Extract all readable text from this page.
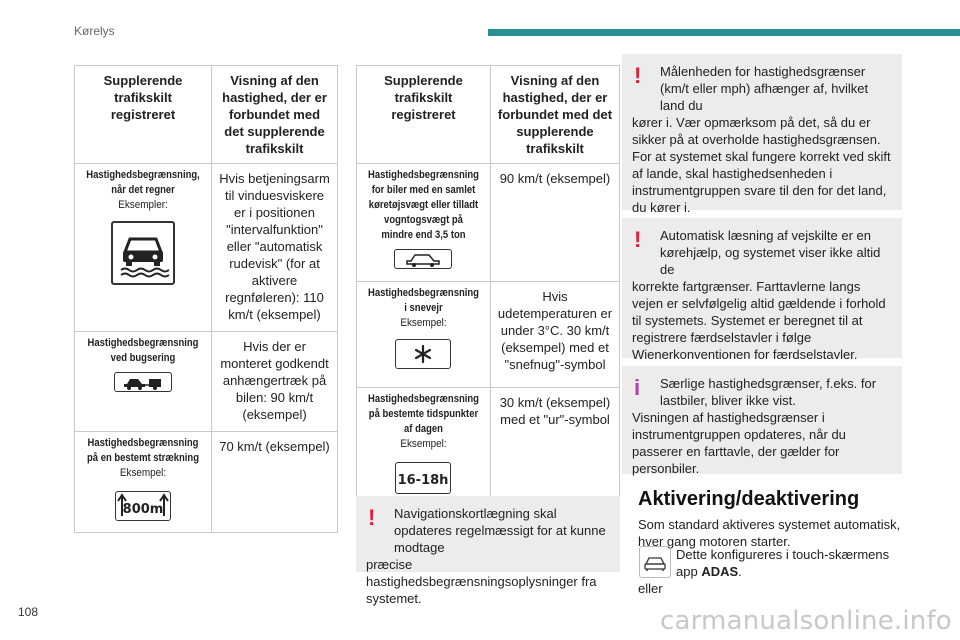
Kørelys
Supplerende trafikskilt registreret	Visning af den hastighed, der er forbundet med det supplerende trafikskilt

Hastighedsbegrænsning, når det regner
Eksempler:	Hvis betjeningsarm til vinduesviskere er i positionen "intervalfunktion" eller "automatisk rudevisk" (for at aktivere regnføleren): 110 km/t (eksempel)

Hastighedsbegrænsning ved bugsering	Hvis der er monteret godkendt anhængertræk på bilen: 90 km/t (eksempel)

Hastighedsbegrænsning på en bestemt strækning
Eksempel:
800m	70 km/t (eksempel)
Supplerende trafikskilt registreret	Visning af den hastighed, der er forbundet med det supplerende trafikskilt

Hastighedsbegrænsning for biler med en samlet køretøjsvægt eller tilladt vogntogsvægt på mindre end 3,5 ton	90 km/t (eksempel)

Hastighedsbegrænsning i snevejr
Eksempel:	Hvis udetemperaturen er under 3°C. 30 km/t (eksempel) med et "snefnug"-symbol

Hastighedsbegrænsning på bestemte tidspunkter af dagen
Eksempel:
16-18h	30 km/t (eksempel) med et "ur"-symbol
!	Navigationskortlægning skal opdateres regelmæssigt for at kunne modtage
præcise hastighedsbegrænsningsoplysninger fra systemet.
!	Målenheden for hastighedsgrænser (km/t eller mph) afhænger af, hvilket land du
kører i. Vær opmærksom på det, så du er sikker på at overholde hastighedsgrænsen. For at systemet skal fungere korrekt ved skift af lande, skal hastighedsenheden i instrumentgruppen svare til den for det land, du kører i.
!	Automatisk læsning af vejskilte er en kørehjælp, og systemet viser ikke altid de
korrekte fartgrænser. Farttavlerne langs vejen er selvfølgelig altid gældende i forhold til systemets. Systemet er beregnet til at registrere færdselstavler i følge Wienerkonventionen for færdselstavler.
i	Særlige hastighedsgrænser, f.eks. for lastbiler, bliver ikke vist.
Visningen af hastighedsgrænser i instrumentgruppen opdateres, når du passerer en farttavle, der gælder for personbiler.
Aktivering/deaktivering
Som standard aktiveres systemet automatisk, hver gang motoren starter.
Dette konfigureres i touch-skærmens app ADAS.
eller
108	carmanualsonline.info
